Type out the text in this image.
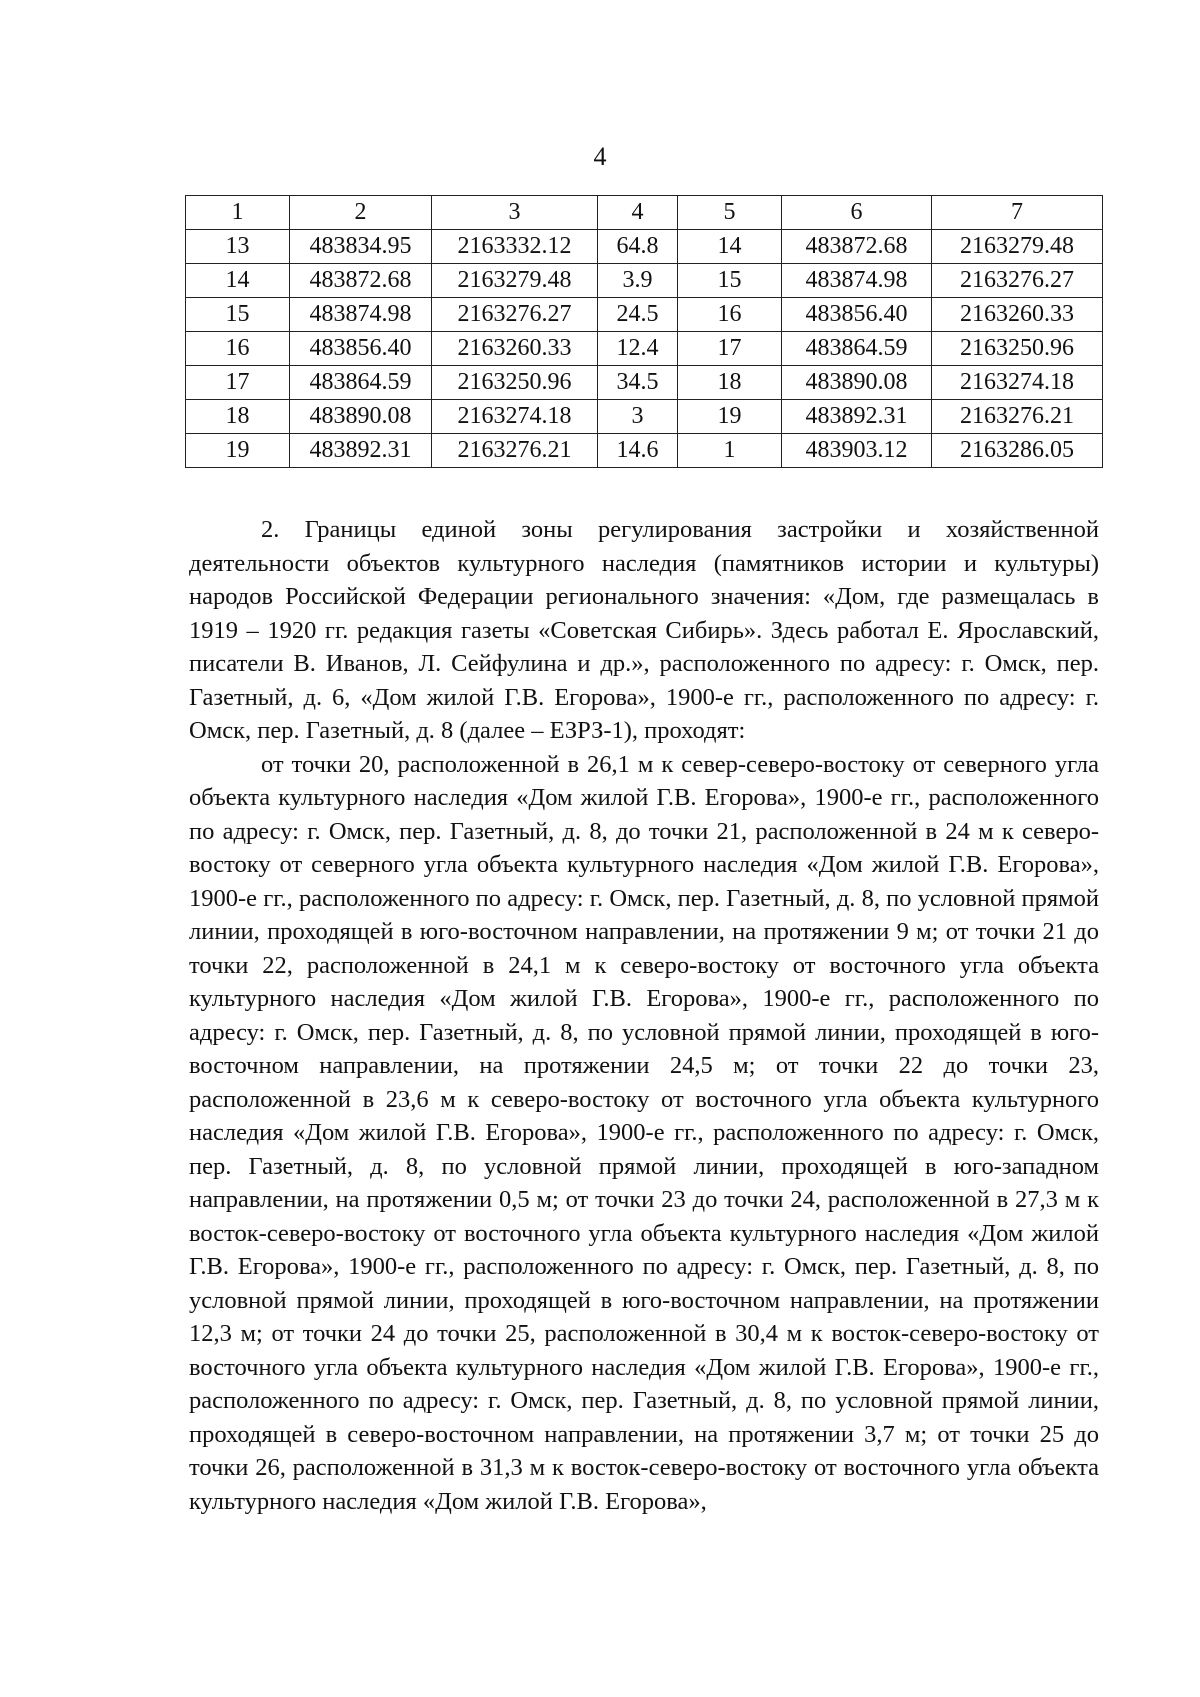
4
1	2	3	4	5	6	7
13	483834.95	2163332.12	64.8	14	483872.68	2163279.48
14	483872.68	2163279.48	3.9	15	483874.98	2163276.27
15	483874.98	2163276.27	24.5	16	483856.40	2163260.33
16	483856.40	2163260.33	12.4	17	483864.59	2163250.96
17	483864.59	2163250.96	34.5	18	483890.08	2163274.18
18	483890.08	2163274.18	3	19	483892.31	2163276.21
19	483892.31	2163276.21	14.6	1	483903.12	2163286.05

2. Границы единой зоны регулирования застройки и хозяйственной деятельности объектов культурного наследия (памятников истории и культуры) народов Российской Федерации регионального значения: «Дом, где размещалась в 1919 – 1920 гг. редакция газеты «Советская Сибирь». Здесь работал Е. Ярославский, писатели В. Иванов, Л. Сейфулина и др.», расположенного по адресу: г. Омск, пер. Газетный, д. 6, «Дом жилой Г.В. Егорова», 1900-е гг., расположенного по адресу: г. Омск, пер. Газетный, д. 8 (далее – ЕЗРЗ-1), проходят:

от точки 20, расположенной в 26,1 м к север-северо-востоку от северного угла объекта культурного наследия «Дом жилой Г.В. Егорова», 1900-е гг., расположенного по адресу: г. Омск, пер. Газетный, д. 8, до точки 21, расположенной в 24 м к северо-востоку от северного угла объекта культурного наследия «Дом жилой Г.В. Егорова», 1900-е гг., расположенного по адресу: г. Омск, пер. Газетный, д. 8, по условной прямой линии, проходящей в юго-восточном направлении, на протяжении 9 м; от точки 21 до точки 22, расположенной в 24,1 м к северо-востоку от восточного угла объекта культурного наследия «Дом жилой Г.В. Егорова», 1900-е гг., расположенного по адресу: г. Омск, пер. Газетный, д. 8, по условной прямой линии, проходящей в юго-восточном направлении, на протяжении 24,5 м; от точки 22 до точки 23, расположенной в 23,6 м к северо-востоку от восточного угла объекта культурного наследия «Дом жилой Г.В. Егорова», 1900-е гг., расположенного по адресу: г. Омск, пер. Газетный, д. 8, по условной прямой линии, проходящей в юго-западном направлении, на протяжении 0,5 м; от точки 23 до точки 24, расположенной в 27,3 м к восток-северо-востоку от восточного угла объекта культурного наследия «Дом жилой Г.В. Егорова», 1900-е гг., расположенного по адресу: г. Омск, пер. Газетный, д. 8, по условной прямой линии, проходящей в юго-восточном направлении, на протяжении 12,3 м; от точки 24 до точки 25, расположенной в 30,4 м к восток-северо-востоку от восточного угла объекта культурного наследия «Дом жилой Г.В. Егорова», 1900-е гг., расположенного по адресу: г. Омск, пер. Газетный, д. 8, по условной прямой линии, проходящей в северо-восточном направлении, на протяжении 3,7 м; от точки 25 до точки 26, расположенной в 31,3 м к восток-северо-востоку от восточного угла объекта культурного наследия «Дом жилой Г.В. Егорова»,
